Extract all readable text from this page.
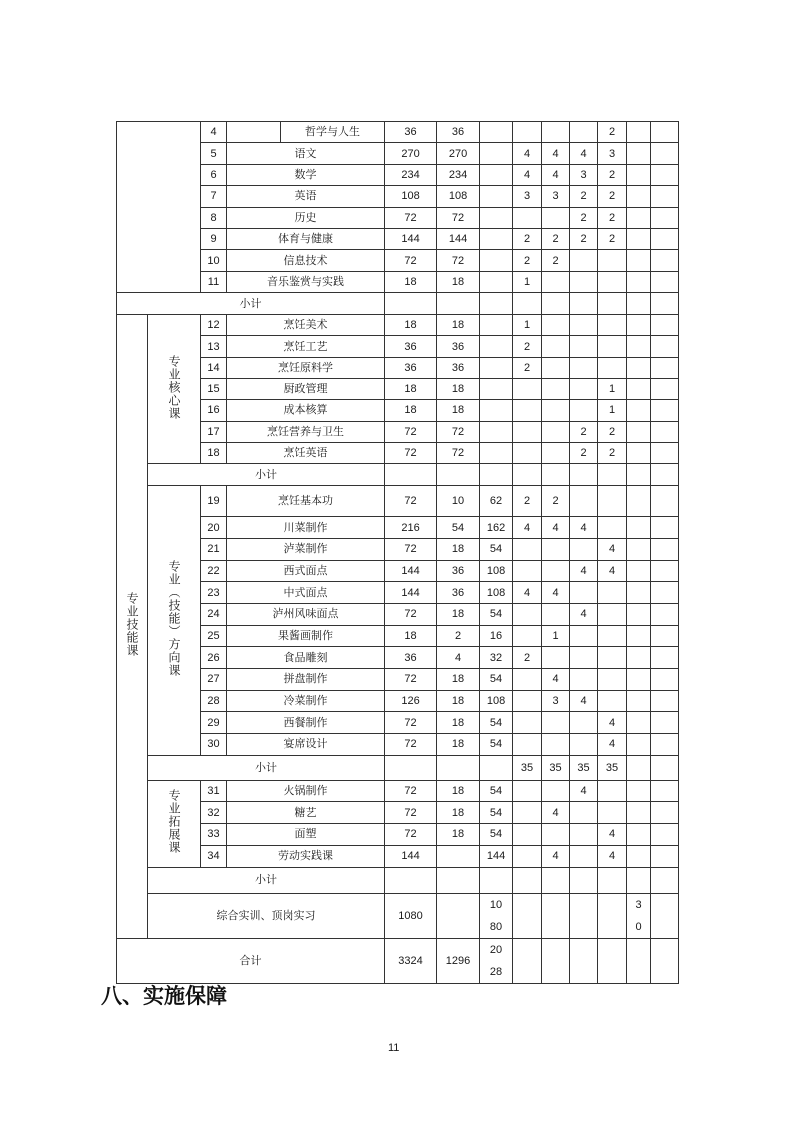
		4		哲学与人生	36	36					2		
		5	语文		270	270		4	4	4	3		
		6	数学		234	234		4	4	3	2		
		7	英语		108	108		3	3	2	2		
		8	历史		72	72				2	2		
		9	体育与健康		144	144		2	2	2	2		
		10	信息技术		72	72		2	2				
		11	音乐鉴赏与实践		18	18		1					
小计													
专业技能课	专业核心课	12	烹饪美术		18	18		1					
		13	烹饪工艺		36	36		2					
		14	烹饪原料学		36	36		2					
		15	厨政管理		18	18					1		
		16	成本核算		18	18					1		
		17	烹饪营养与卫生		72	72				2	2		
		18	烹饪英语		72	72				2	2		
	小计												
	专业（技能）方向课	19	烹饪基本功		72	10	62	2	2				
		20	川菜制作		216	54	162	4	4	4			
		21	泸菜制作		72	18	54				4		
		22	西式面点		144	36	108			4	4		
		23	中式面点		144	36	108	4	4				
		24	泸州风味面点		72	18	54			4			
		25	果酱画制作		18	2	16		1				
		26	食品雕刻		36	4	32	2					
		27	拼盘制作		72	18	54		4				
		28	冷菜制作		126	18	108		3	4			
		29	西餐制作		72	18	54				4		
		30	宴席设计		72	18	54				4		
	小计							35	35	35	35		
	专业拓展课	31	火锅制作		72	18	54			4			
		32	糖艺		72	18	54		4				
		33	面塑		72	18	54				4		
		34	劳动实践课		144		144		4		4		
	小计												
	综合实训、顶岗实习				1080		1080					30	
合计					3324	1296	2028						
八、实施保障
11
